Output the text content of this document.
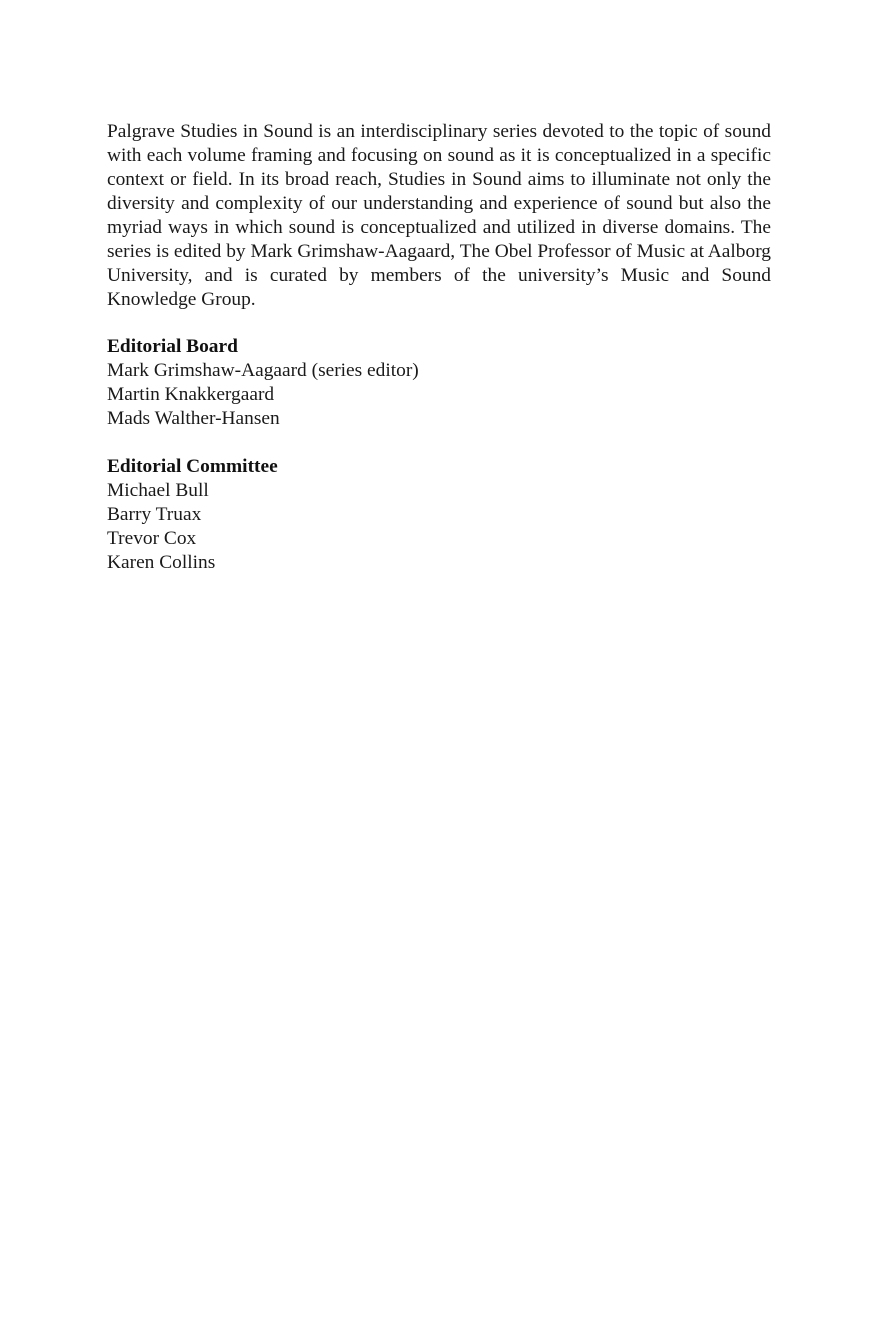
Palgrave Studies in Sound is an interdisciplinary series devoted to the topic of sound with each volume framing and focusing on sound as it is conceptualized in a specific context or field. In its broad reach, Studies in Sound aims to illuminate not only the diversity and complexity of our understanding and experience of sound but also the myriad ways in which sound is conceptualized and utilized in diverse domains. The series is edited by Mark Grimshaw-Aagaard, The Obel Professor of Music at Aalborg University, and is curated by members of the university’s Music and Sound Knowledge Group.

Editorial Board
Mark Grimshaw-Aagaard (series editor)
Martin Knakkergaard
Mads Walther-Hansen
Editorial Committee
Michael Bull
Barry Truax
Trevor Cox
Karen Collins
